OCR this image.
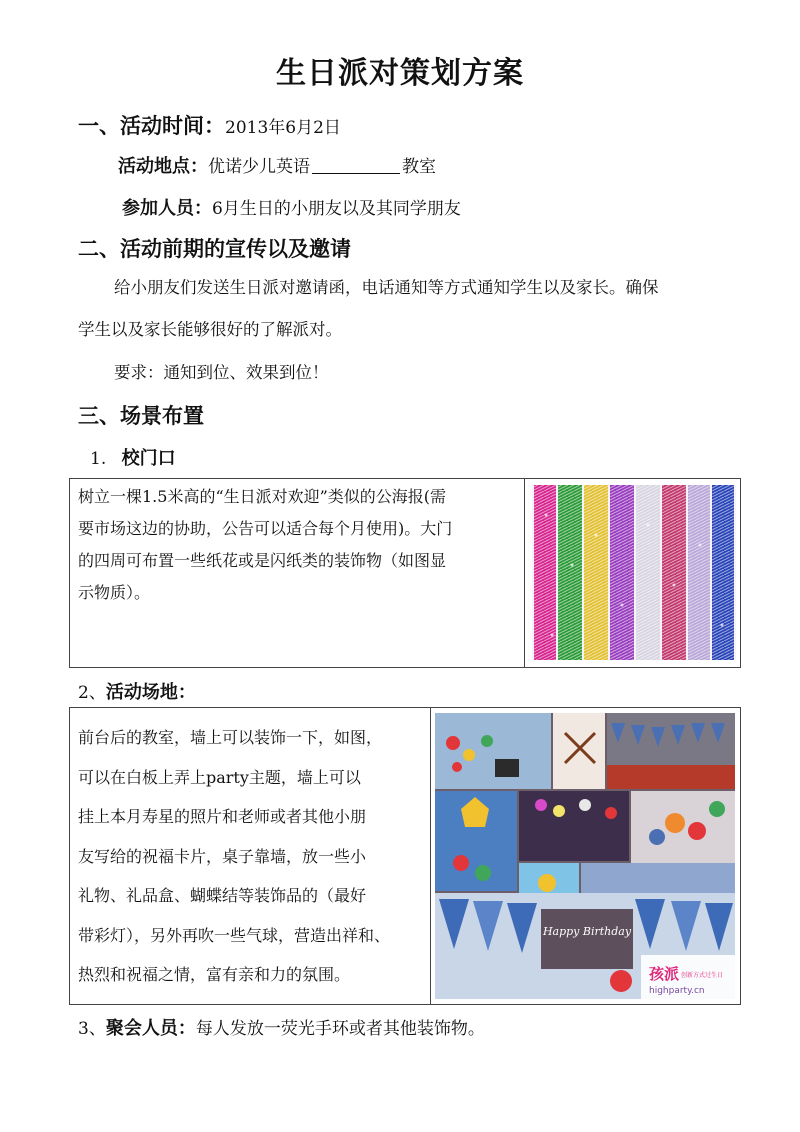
生日派对策划方案
一、活动时间：2013年6月2日
活动地点：优诺少儿英语	教室
参加人员：6月生日的小朋友以及其同学朋友
二、活动前期的宣传以及邀请
给小朋友们发送生日派对邀请函，电话通知等方式通知学生以及家长。确保
学生以及家长能够很好的了解派对。
要求：通知到位、效果到位！
三、场景布置
1. 校门口
树立一棵1.5米高的“生日派对欢迎”类似的公海报(需
要市场这边的协助，公告可以适合每个月使用)。大门
的四周可布置一些纸花或是闪纸类的装饰物（如图显
示物质）。
2、活动场地：
前台后的教室，墙上可以装饰一下，如图，
可以在白板上弄上party主题，墙上可以
挂上本月寿星的照片和老师或者其他小朋
友写给的祝福卡片，桌子靠墙，放一些小
礼物、礼品盒、蝴蝶结等装饰品的（最好
带彩灯），另外再吹一些气球，营造出祥和、
热烈和祝福之情，富有亲和力的氛围。
Happy Birthday
孩派 创新方式过生日
highparty.cn
3、聚会人员：每人发放一荧光手环或者其他装饰物。
